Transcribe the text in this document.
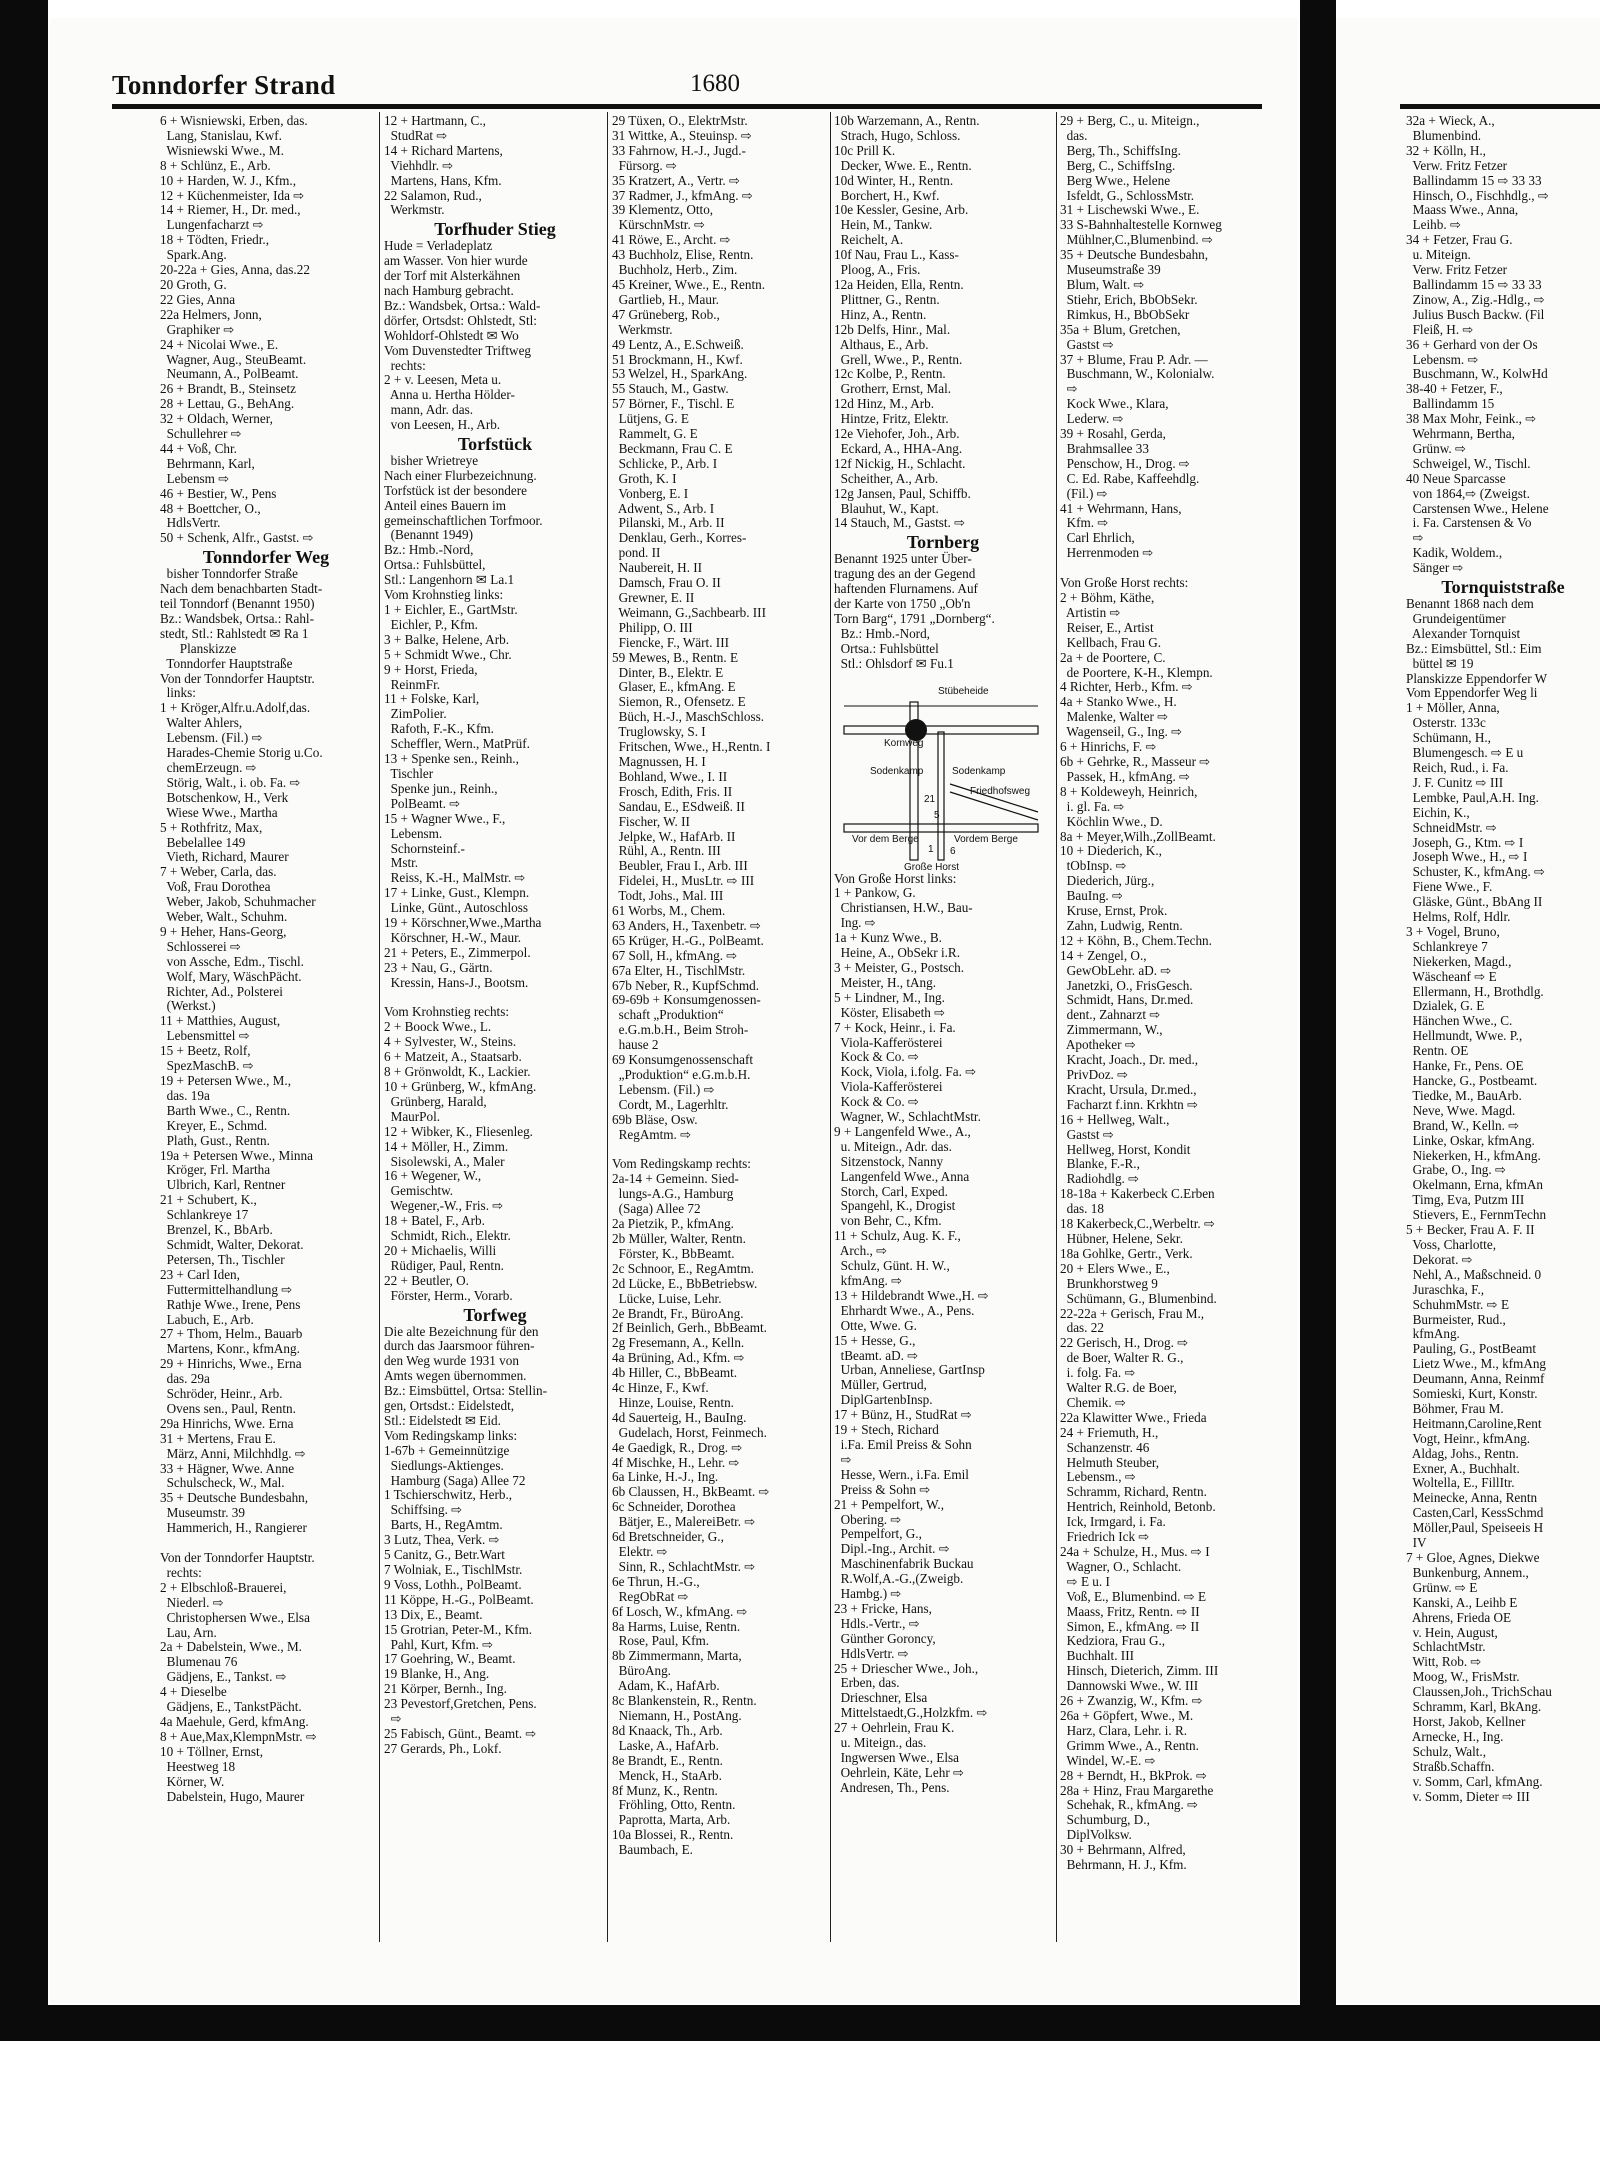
Tonndorfer Strand	1680
6 + Wisniewski, Erben, das.
Lang, Stanislau, Kwf.
Wisniewski Wwe., M.
8 + Schlünz, E., Arb.
10 + Harden, W. J., Kfm.,
12 + Küchenmeister, Ida ⇨
14 + Riemer, H., Dr. med.,
Lungenfacharzt ⇨
18 + Tödten, Friedr.,
Spark.Ang.
20-22a + Gies, Anna, das.22
20 Groth, G.
22 Gies, Anna
22a Helmers, Jonn,
Graphiker ⇨
24 + Nicolai Wwe., E.
Wagner, Aug., SteuBeamt.
Neumann, A., PolBeamt.
26 + Brandt, B., Steinsetz
28 + Lettau, G., BehAng.
32 + Oldach, Werner,
Schullehrer ⇨
44 + Voß, Chr.
Behrmann, Karl,
Lebensm ⇨
46 + Bestier, W., Pens
48 + Boettcher, O.,
HdlsVertr.
50 + Schenk, Alfr., Gastst. ⇨
Tonndorfer Weg
bisher Tonndorfer Straße
Nach dem benachbarten Stadt-
teil Tonndorf (Benannt 1950)
Bz.: Wandsbek, Ortsa.: Rahl-
stedt, Stl.: Rahlstedt ✉ Ra 1
Planskizze
Tonndorfer Hauptstraße
Von der Tonndorfer Hauptstr.
links:
1 + Kröger,Alfr.u.Adolf,das.
Walter Ahlers,
Lebensm. (Fil.) ⇨
Harades-Chemie Storig u.Co.
chemErzeugn. ⇨
Störig, Walt., i. ob. Fa. ⇨
Botschenkow, H., Verk
Wiese Wwe., Martha
5 + Rothfritz, Max,
Bebelallee 149
Vieth, Richard, Maurer
7 + Weber, Carla, das.
Voß, Frau Dorothea
Weber, Jakob, Schuhmacher
Weber, Walt., Schuhm.
9 + Heher, Hans-Georg,
Schlosserei ⇨
von Assche, Edm., Tischl.
Wolf, Mary, WäschPächt.
Richter, Ad., Polsterei
(Werkst.)
11 + Matthies, August,
Lebensmittel ⇨
15 + Beetz, Rolf,
SpezMaschB. ⇨
19 + Petersen Wwe., M.,
das. 19a
Barth Wwe., C., Rentn.
Kreyer, E., Schmd.
Plath, Gust., Rentn.
19a + Petersen Wwe., Minna
Kröger, Frl. Martha
Ulbrich, Karl, Rentner
21 + Schubert, K.,
Schlankreye 17
Brenzel, K., BbArb.
Schmidt, Walter, Dekorat.
Petersen, Th., Tischler
23 + Carl Iden,
Futtermittelhandlung ⇨
Rathje Wwe., Irene, Pens
Labuch, E., Arb.
27 + Thom, Helm., Bauarb
Martens, Konr., kfmAng.
29 + Hinrichs, Wwe., Erna
das. 29a
Schröder, Heinr., Arb.
Ovens sen., Paul, Rentn.
29a Hinrichs, Wwe. Erna
31 + Mertens, Frau E.
März, Anni, Milchhdlg. ⇨
33 + Hägner, Wwe. Anne
Schulscheck, W., Mal.
35 + Deutsche Bundesbahn,
Museumstr. 39
Hammerich, H., Rangierer

Von der Tonndorfer Hauptstr.
rechts:
2 + Elbschloß-Brauerei,
Niederl. ⇨
Christophersen Wwe., Elsa
Lau, Arn.
2a + Dabelstein, Wwe., M.
Blumenau 76
Gädjens, E., Tankst. ⇨
4 + Dieselbe
Gädjens, E., TankstPächt.
4a Maehule, Gerd, kfmAng.
8 + Aue,Max,KlempnMstr. ⇨
10 + Töllner, Ernst,
Heestweg 18
Körner, W.
Dabelstein, Hugo, Maurer
12 + Hartmann, C.,
StudRat ⇨
14 + Richard Martens,
Viehhdlr. ⇨
Martens, Hans, Kfm.
22 Salamon, Rud.,
Werkmstr.
Torfhuder Stieg
Hude = Verladeplatz
am Wasser. Von hier wurde
der Torf mit Alsterkähnen
nach Hamburg gebracht.
Bz.: Wandsbek, Ortsa.: Wald-
dörfer, Ortsdst: Ohlstedt, Stl:
Wohldorf-Ohlstedt ✉ Wo
Vom Duvenstedter Triftweg
rechts:
2 + v. Leesen, Meta u.
Anna u. Hertha Hölder-
mann, Adr. das.
von Leesen, H., Arb.
Torfstück
bisher Wrietreye
Nach einer Flurbezeichnung.
Torfstück ist der besondere
Anteil eines Bauern im
gemeinschaftlichen Torfmoor.
(Benannt 1949)
Bz.: Hmb.-Nord,
Ortsa.: Fuhlsbüttel,
Stl.: Langenhorn ✉ La.1
Vom Krohnstieg links:
1 + Eichler, E., GartMstr.
Eichler, P., Kfm.
3 + Balke, Helene, Arb.
5 + Schmidt Wwe., Chr.
9 + Horst, Frieda,
ReinmFr.
11 + Folske, Karl,
ZimPolier.
Rafoth, F.-K., Kfm.
Scheffler, Wern., MatPrüf.
13 + Spenke sen., Reinh.,
Tischler
Spenke jun., Reinh.,
PolBeamt. ⇨
15 + Wagner Wwe., F.,
Lebensm.
Schornsteinf.-
Mstr.
Reiss, K.-H., MalMstr. ⇨
17 + Linke, Gust., Klempn.
Linke, Günt., Autoschloss
19 + Körschner,Wwe.,Martha
Körschner, H.-W., Maur.
21 + Peters, E., Zimmerpol.
23 + Nau, G., Gärtn.
Kressin, Hans-J., Bootsm.

Vom Krohnstieg rechts:
2 + Boock Wwe., L.
4 + Sylvester, W., Steins.
6 + Matzeit, A., Staatsarb.
8 + Grönwoldt, K., Lackier.
10 + Grünberg, W., kfmAng.
Grünberg, Harald,
MaurPol.
12 + Wibker, K., Fliesenleg.
14 + Möller, H., Zimm.
Sisolewski, A., Maler
16 + Wegener, W.,
Gemischtw.
Wegener,-W., Fris. ⇨
18 + Batel, F., Arb.
Schmidt, Rich., Elektr.
20 + Michaelis, Willi
Rüdiger, Paul, Rentn.
22 + Beutler, O.
Förster, Herm., Vorarb.
Torfweg
Die alte Bezeichnung für den
durch das Jaarsmoor führen-
den Weg wurde 1931 von
Amts wegen übernommen.
Bz.: Eimsbüttel, Ortsa: Stellin-
gen, Ortsdst.: Eidelstedt,
Stl.: Eidelstedt ✉ Eid.
Vom Redingskamp links:
1-67b + Gemeinnützige
Siedlungs-Aktienges.
Hamburg (Saga) Allee 72
1 Tschierschwitz, Herb.,
Schiffsing. ⇨
Barts, H., RegAmtm.
3 Lutz, Thea, Verk. ⇨
5 Canitz, G., Betr.Wart
7 Wolniak, E., TischlMstr.
9 Voss, Lothh., PolBeamt.
11 Köppe, H.-G., PolBeamt.
13 Dix, E., Beamt.
15 Grotrian, Peter-M., Kfm.
Pahl, Kurt, Kfm. ⇨
17 Goehring, W., Beamt.
19 Blanke, H., Ang.
21 Körper, Bernh., Ing.
23 Pevestorf,Gretchen, Pens.
⇨
25 Fabisch, Günt., Beamt. ⇨
27 Gerards, Ph., Lokf.
29 Tüxen, O., ElektrMstr.
31 Wittke, A., Steuinsp. ⇨
33 Fahrnow, H.-J., Jugd.-
Fürsorg. ⇨
35 Kratzert, A., Vertr. ⇨
37 Radmer, J., kfmAng. ⇨
39 Klementz, Otto,
KürschnMstr. ⇨
41 Röwe, E., Archt. ⇨
43 Buchholz, Elise, Rentn.
Buchholz, Herb., Zim.
45 Kreiner, Wwe., E., Rentn.
Gartlieb, H., Maur.
47 Grüneberg, Rob.,
Werkmstr.
49 Lentz, A., E.Schweiß.
51 Brockmann, H., Kwf.
53 Welzel, H., SparkAng.
55 Stauch, M., Gastw.
57 Börner, F., Tischl. E
Lütjens, G. E
Rammelt, G. E
Beckmann, Frau C. E
Schlicke, P., Arb. I
Groth, K. I
Vonberg, E. I
Adwent, S., Arb. I
Pilanski, M., Arb. II
Denklau, Gerh., Korres-
pond. II
Naubereit, H. II
Damsch, Frau O. II
Grewner, E. II
Weimann, G.,Sachbearb. III
Philipp, O. III
Fiencke, F., Wärt. III
59 Mewes, B., Rentn. E
Dinter, B., Elektr. E
Glaser, E., kfmAng. E
Siemon, R., Ofensetz. E
Büch, H.-J., MaschSchloss.
Truglowsky, S. I
Fritschen, Wwe., H.,Rentn. I
Magnussen, H. I
Bohland, Wwe., I. II
Frosch, Edith, Fris. II
Sandau, E., ESdweiß. II
Fischer, W. II
Jelpke, W., HafArb. II
Rühl, A., Rentn. III
Beubler, Frau I., Arb. III
Fidelei, H., MusLtr. ⇨ III
Todt, Johs., Mal. III
61 Worbs, M., Chem.
63 Anders, H., Taxenbetr. ⇨
65 Krüger, H.-G., PolBeamt.
67 Soll, H., kfmAng. ⇨
67a Elter, H., TischlMstr.
67b Neber, R., KupfSchmd.
69-69b + Konsumgenossen-
schaft „Produktion“
e.G.m.b.H., Beim Stroh-
hause 2
69 Konsumgenossenschaft
„Produktion“ e.G.m.b.H.
Lebensm. (Fil.) ⇨
Cordt, M., Lagerhltr.
69b Bläse, Osw.
RegAmtm. ⇨

Vom Redingskamp rechts:
2a-14 + Gemeinn. Sied-
lungs-A.G., Hamburg
(Saga) Allee 72
2a Pietzik, P., kfmAng.
2b Müller, Walter, Rentn.
Förster, K., BbBeamt.
2c Schnoor, E., RegAmtm.
2d Lücke, E., BbBetriebsw.
Lücke, Luise, Lehr.
2e Brandt, Fr., BüroAng.
2f Beinlich, Gerh., BbBeamt.
2g Fresemann, A., Kelln.
4a Brüning, Ad., Kfm. ⇨
4b Hiller, C., BbBeamt.
4c Hinze, F., Kwf.
Hinze, Louise, Rentn.
4d Sauerteig, H., BauIng.
Gudelach, Horst, Feinmech.
4e Gaedigk, R., Drog. ⇨
4f Mischke, H., Lehr. ⇨
6a Linke, H.-J., Ing.
6b Claussen, H., BkBeamt. ⇨
6c Schneider, Dorothea
Bätjer, E., MalereiBetr. ⇨
6d Bretschneider, G.,
Elektr. ⇨
Sinn, R., SchlachtMstr. ⇨
6e Thrun, H.-G.,
RegObRat ⇨
6f Losch, W., kfmAng. ⇨
8a Harms, Luise, Rentn.
Rose, Paul, Kfm.
8b Zimmermann, Marta,
BüroAng.
Adam, K., HafArb.
8c Blankenstein, R., Rentn.
Niemann, H., PostAng.
8d Knaack, Th., Arb.
Laske, A., HafArb.
8e Brandt, E., Rentn.
Menck, H., StaArb.
8f Munz, K., Rentn.
Fröhling, Otto, Rentn.
Paprotta, Marta, Arb.
10a Blossei, R., Rentn.
Baumbach, E.
10b Warzemann, A., Rentn.
Strach, Hugo, Schloss.
10c Prill K.
Decker, Wwe. E., Rentn.
10d Winter, H., Rentn.
Borchert, H., Kwf.
10e Kessler, Gesine, Arb.
Hein, M., Tankw.
Reichelt, A.
10f Nau, Frau L., Kass-
Ploog, A., Fris.
12a Heiden, Ella, Rentn.
Plittner, G., Rentn.
Hinz, A., Rentn.
12b Delfs, Hinr., Mal.
Althaus, E., Arb.
Grell, Wwe., P., Rentn.
12c Kolbe, P., Rentn.
Grotherr, Ernst, Mal.
12d Hinz, M., Arb.
Hintze, Fritz, Elektr.
12e Viehofer, Joh., Arb.
Eckard, A., HHA-Ang.
12f Nickig, H., Schlacht.
Scheither, A., Arb.
12g Jansen, Paul, Schiffb.
Blauhut, W., Kapt.
14 Stauch, M., Gastst. ⇨
Tornberg
Benannt 1925 unter Über-
tragung des an der Gegend
haftenden Flurnamens. Auf
der Karte von 1750 „Ob'n
Torn Barg“, 1791 „Dornberg“.
Bz.: Hmb.-Nord,
Ortsa.: Fuhlsbüttel
Stl.: Ohlsdorf ✉ Fu.1
Stübeheide
Kornweg
Sodenkamp	Sodenkamp
Friedhofsweg
Vor dem Berge	Vordem Berge
Große Horst
21
6
5
1
Von Große Horst links:
1 + Pankow, G.
Christiansen, H.W., Bau-
Ing. ⇨
1a + Kunz Wwe., B.
Heine, A., ObSekr i.R.
3 + Meister, G., Postsch.
Meister, H., tAng.
5 + Lindner, M., Ing.
Köster, Elisabeth ⇨
7 + Kock, Heinr., i. Fa.
Viola-Kafferösterei
Kock & Co. ⇨
Kock, Viola, i.folg. Fa. ⇨
Viola-Kafferösterei
Kock & Co. ⇨
Wagner, W., SchlachtMstr.
9 + Langenfeld Wwe., A.,
u. Miteign., Adr. das.
Sitzenstock, Nanny
Langenfeld Wwe., Anna
Storch, Carl, Exped.
Spangehl, K., Drogist
von Behr, C., Kfm.
11 + Schulz, Aug. K. F.,
Arch., ⇨
Schulz, Günt. H. W.,
kfmAng. ⇨
13 + Hildebrandt Wwe.,H. ⇨
Ehrhardt Wwe., A., Pens.
Otte, Wwe. G.
15 + Hesse, G.,
tBeamt. aD. ⇨
Urban, Anneliese, GartInsp
Müller, Gertrud,
DiplGartenbInsp.
17 + Bünz, H., StudRat ⇨
19 + Stech, Richard
i.Fa. Emil Preiss & Sohn
⇨
Hesse, Wern., i.Fa. Emil
Preiss & Sohn ⇨
21 + Pempelfort, W.,
Obering. ⇨
Pempelfort, G.,
Dipl.-Ing., Archit. ⇨
Maschinenfabrik Buckau
R.Wolf,A.-G.,(Zweigb.
Hambg.) ⇨
23 + Fricke, Hans,
Hdls.-Vertr., ⇨
Günther Goroncy,
HdlsVertr. ⇨
25 + Driescher Wwe., Joh.,
Erben, das.
Drieschner, Elsa
Mittelstaedt,G.,Holzkfm. ⇨
27 + Oehrlein, Frau K.
u. Miteign., das.
Ingwersen Wwe., Elsa
Oehrlein, Käte, Lehr ⇨
Andresen, Th., Pens.
29 + Berg, C., u. Miteign.,
das.
Berg, Th., SchiffsIng.
Berg, C., SchiffsIng.
Berg Wwe., Helene
Isfeldt, G., SchlossMstr.
31 + Lischewski Wwe., E.
33 S-Bahnhaltestelle Kornweg
Mühlner,C.,Blumenbind. ⇨
35 + Deutsche Bundesbahn,
Museumstraße 39
Blum, Walt. ⇨
Stiehr, Erich, BbObSekr.
Rimkus, H., BbObSekr
35a + Blum, Gretchen,
Gastst ⇨
37 + Blume, Frau P. Adr. —
Buschmann, W., Kolonialw.
⇨
Kock Wwe., Klara,
Lederw. ⇨
39 + Rosahl, Gerda,
Brahmsallee 33
Penschow, H., Drog. ⇨
C. Ed. Rabe, Kaffeehdlg.
(Fil.) ⇨
41 + Wehrmann, Hans,
Kfm. ⇨
Carl Ehrlich,
Herrenmoden ⇨

Von Große Horst rechts:
2 + Böhm, Käthe,
Artistin ⇨
Reiser, E., Artist
Kellbach, Frau G.
2a + de Poortere, C.
de Poortere, K-H., Klempn.
4 Richter, Herb., Kfm. ⇨
4a + Stanko Wwe., H.
Malenke, Walter ⇨
Wagenseil, G., Ing. ⇨
6 + Hinrichs, F. ⇨
6b + Gehrke, R., Masseur ⇨
Passek, H., kfmAng. ⇨
8 + Koldeweyh, Heinrich,
i. gl. Fa. ⇨
Köchlin Wwe., D.
8a + Meyer,Wilh.,ZollBeamt.
10 + Diederich, K.,
tObInsp. ⇨
Diederich, Jürg.,
BauIng. ⇨
Kruse, Ernst, Prok.
Zahn, Ludwig, Rentn.
12 + Köhn, B., Chem.Techn.
14 + Zengel, O.,
GewObLehr. aD. ⇨
Janetzki, O., FrisGesch.
Schmidt, Hans, Dr.med.
dent., Zahnarzt ⇨
Zimmermann, W.,
Apotheker ⇨
Kracht, Joach., Dr. med.,
PrivDoz. ⇨
Kracht, Ursula, Dr.med.,
Facharzt f.inn. Krkhtn ⇨
16 + Hellweg, Walt.,
Gastst ⇨
Hellweg, Horst, Kondit
Blanke, F.-R.,
Radiohdlg. ⇨
18-18a + Kakerbeck C.Erben
das. 18
18 Kakerbeck,C.,Werbeltr. ⇨
Hübner, Helene, Sekr.
18a Gohlke, Gertr., Verk.
20 + Elers Wwe., E.,
Brunkhorstweg 9
Schümann, G., Blumenbind.
22-22a + Gerisch, Frau M.,
das. 22
22 Gerisch, H., Drog. ⇨
de Boer, Walter R. G.,
i. folg. Fa. ⇨
Walter R.G. de Boer,
Chemik. ⇨
22a Klawitter Wwe., Frieda
24 + Friemuth, H.,
Schanzenstr. 46
Helmuth Steuber,
Lebensm., ⇨
Schramm, Richard, Rentn.
Hentrich, Reinhold, Betonb.
Ick, Irmgard, i. Fa.
Friedrich Ick ⇨
24a + Schulze, H., Mus. ⇨ I
Wagner, O., Schlacht.
⇨ E u. I
Voß, E., Blumenbind. ⇨ E
Maass, Fritz, Rentn. ⇨ II
Simon, E., kfmAng. ⇨ II
Kedziora, Frau G.,
Buchhalt. III
Hinsch, Dieterich, Zimm. III
Dannowski Wwe., W. III
26 + Zwanzig, W., Kfm. ⇨
26a + Göpfert, Wwe., M.
Harz, Clara, Lehr. i. R.
Grimm Wwe., A., Rentn.
Windel, W.-E. ⇨
28 + Berndt, H., BkProk. ⇨
28a + Hinz, Frau Margarethe
Schehak, R., kfmAng. ⇨
Schumburg, D.,
DiplVolksw.
30 + Behrmann, Alfred,
Behrmann, H. J., Kfm.
32a + Wieck, A.,
Blumenbind.
32 + Kölln, H.,
Verw. Fritz Fetzer
Ballindamm 15 ⇨ 33 33
Hinsch, O., Fischhdlg., ⇨
Maass Wwe., Anna,
Leihb. ⇨
34 + Fetzer, Frau G.
u. Miteign.
Verw. Fritz Fetzer
Ballindamm 15 ⇨ 33 33
Zinow, A., Zig.-Hdlg., ⇨
Julius Busch Backw. (Fil
Fleiß, H. ⇨
36 + Gerhard von der Os
Lebensm. ⇨
Buschmann, W., KolwHd
38-40 + Fetzer, F.,
Ballindamm 15
38 Max Mohr, Feink., ⇨
Wehrmann, Bertha,
Grünw. ⇨
Schweigel, W., Tischl.
40 Neue Sparcasse
von 1864,⇨ (Zweigst.
Carstensen Wwe., Helene
i. Fa. Carstensen & Vo
⇨
Kadik, Woldem.,
Sänger ⇨
Tornquiststraße
Benannt 1868 nach dem
Grundeigentümer
Alexander Tornquist
Bz.: Eimsbüttel, Stl.: Eim
büttel ✉ 19
Planskizze Eppendorfer W
Vom Eppendorfer Weg li
1 + Möller, Anna,
Osterstr. 133c
Schümann, H.,
Blumengesch. ⇨ E u
Reich, Rud., i. Fa.
J. F. Cunitz ⇨ III
Lembke, Paul,A.H. Ing.
Eichin, K.,
SchneidMstr. ⇨
Joseph, G., Ktm. ⇨ I
Joseph Wwe., H., ⇨ I
Schuster, K., kfmAng. ⇨
Fiene Wwe., F.
Gläske, Günt., BbAng II
Helms, Rolf, Hdlr.
3 + Vogel, Bruno,
Schlankreye 7
Niekerken, Magd.,
Wäscheanf ⇨ E
Ellermann, H., Brothdlg.
Dzialek, G. E
Hänchen Wwe., C.
Hellmundt, Wwe. P.,
Rentn. OE
Hanke, Fr., Pens. OE
Hancke, G., Postbeamt.
Tiedke, M., BauArb.
Neve, Wwe. Magd.
Brand, W., Kelln. ⇨
Linke, Oskar, kfmAng.
Niekerken, H., kfmAng.
Grabe, O., Ing. ⇨
Okelmann, Erna, kfmAn
Timg, Eva, Putzm III
Stievers, E., FernmTechn
5 + Becker, Frau A. F. II
Voss, Charlotte,
Dekorat. ⇨
Nehl, A., Maßschneid. 0
Juraschka, F.,
SchuhmMstr. ⇨ E
Burmeister, Rud.,
kfmAng.
Pauling, G., PostBeamt
Lietz Wwe., M., kfmAng
Deumann, Anna, Reinmf
Somieski, Kurt, Konstr.
Böhmer, Frau M.
Heitmann,Caroline,Rent
Vogt, Heinr., kfmAng.
Aldag, Johs., Rentn.
Exner, A., Buchhalt.
Woltella, E., FillItr.
Meinecke, Anna, Rentn
Casten,Carl, KessSchmd
Möller,Paul, Speiseeis H
IV
7 + Gloe, Agnes, Diekwe
Bunkenburg, Annem.,
Grünw. ⇨ E
Kanski, A., Leihb E
Ahrens, Frieda OE
v. Hein, August,
SchlachtMstr.
Witt, Rob. ⇨
Moog, W., FrisMstr.
Claussen,Joh., TrichSchau
Schramm, Karl, BkAng.
Horst, Jakob, Kellner
Arnecke, H., Ing.
Schulz, Walt.,
Straßb.Schaffn.
v. Somm, Carl, kfmAng.
v. Somm, Dieter ⇨ III
